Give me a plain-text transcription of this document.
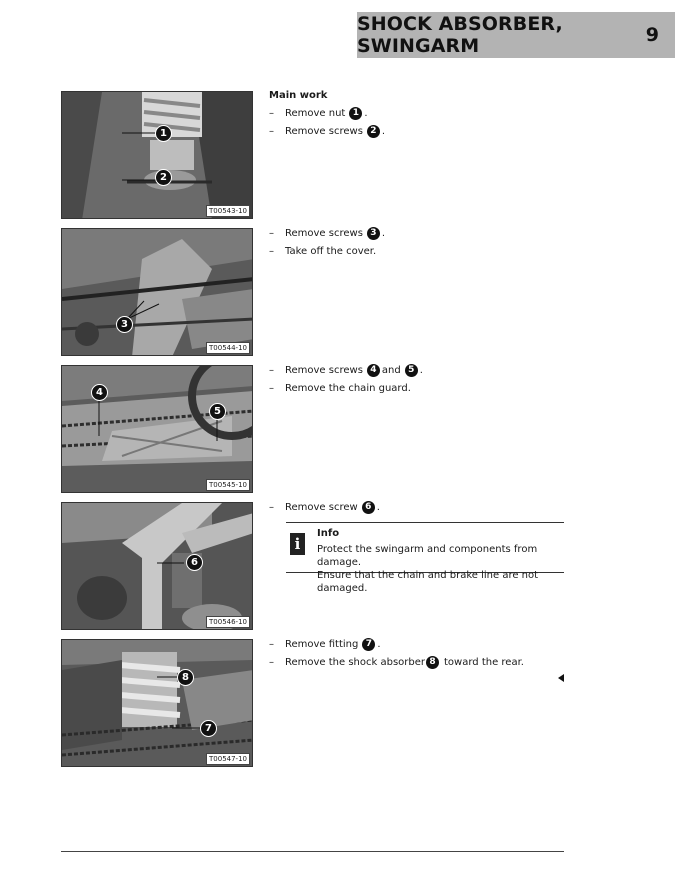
SHOCK ABSORBER, SWINGARM	9
1
2
T00543-10
3
T00544-10
4
5
T00545-10
6
T00546-10
8
7
T00547-10
Main work
–	Remove nut 1 .
–	Remove screws 2 .
–	Remove screws 3 .
–	Take off the cover.
–	Remove screws 4 and 5 .
–	Remove the chain guard.
–	Remove screw 6 .
i
Info
Protect the swingarm and components from damage.
Ensure that the chain and brake line are not damaged.
–	Remove fitting 7 .
–	Remove the shock absorber 8 toward the rear.
